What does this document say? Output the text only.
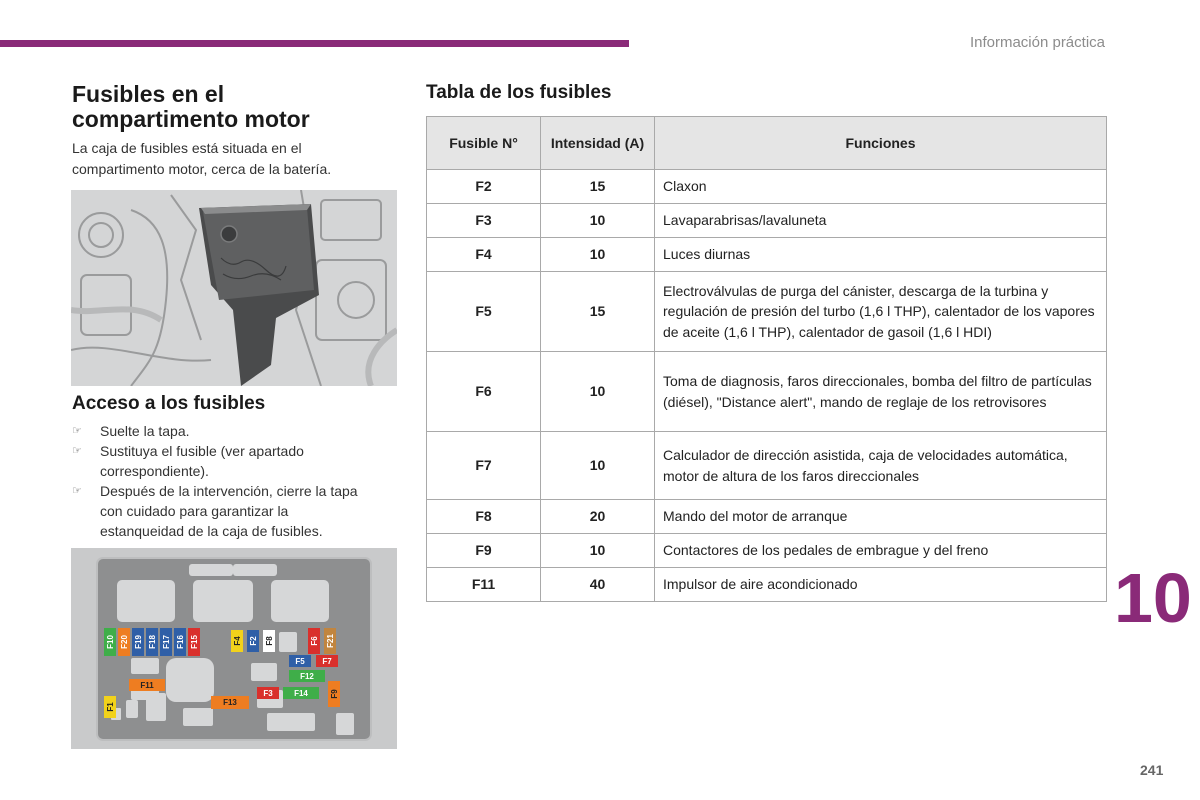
Información práctica
Fusibles en el compartimento motor
La caja de fusibles está situada en el compartimento motor, cerca de la batería.
Acceso a los fusibles
☞ Suelte la tapa.
☞ Sustituya el fusible (ver apartado correspondiente).
☞ Después de la intervención, cierre la tapa con cuidado para garantizar la estanqueidad de la caja de fusibles.
F10 F20 F19 F18 F17 F16 F15	F4 F2 F8	F6 F21
F5 F7
F12
F11
F3	F14
F13
F9
F1
Tabla de los fusibles
Fusible N°	Intensidad (A)	Funciones
F2	15	Claxon
F3	10	Lavaparabrisas/lavaluneta
F4	10	Luces diurnas
F5	15	Electroválvulas de purga del cánister, descarga de la turbina y regulación de presión del turbo (1,6 l THP), calentador de los vapores de aceite (1,6 l THP), calentador de gasoil (1,6 l HDI)
F6	10	Toma de diagnosis, faros direccionales, bomba del filtro de partículas (diésel), "Distance alert", mando de reglaje de los retrovisores
F7	10	Calculador de dirección asistida, caja de velocidades automática, motor de altura de los faros direccionales
F8	20	Mando del motor de arranque
F9	10	Contactores de los pedales de embrague y del freno
F11	40	Impulsor de aire acondicionado	10
241
